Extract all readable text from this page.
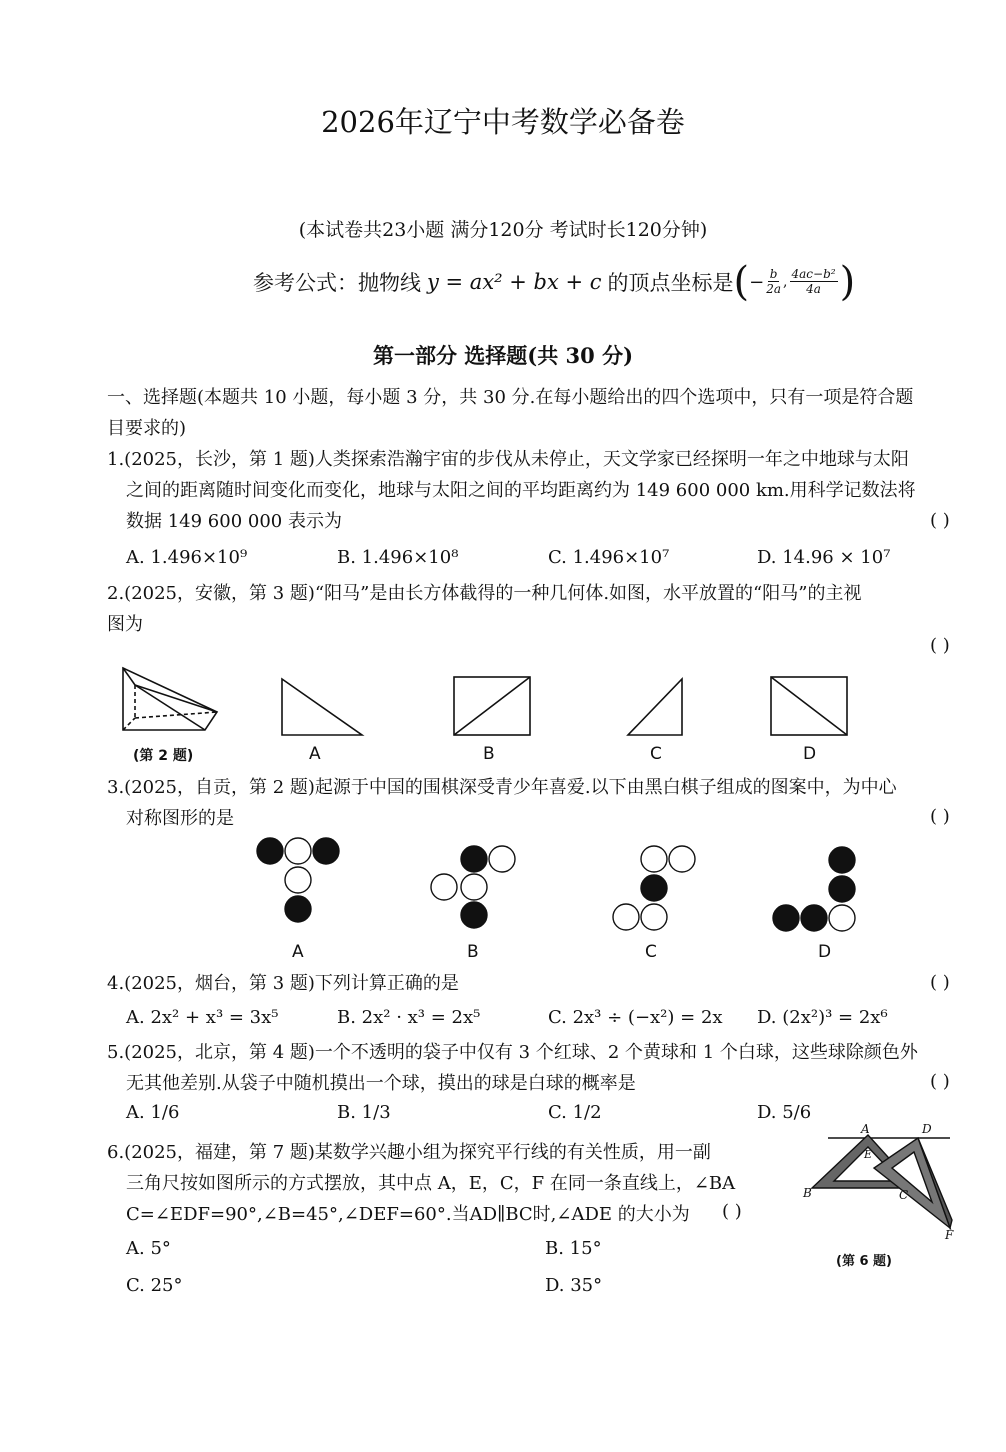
2026年辽宁中考数学必备卷
(本试卷共23小题 满分120分 考试时长120分钟)
参考公式：抛物线 y = ax² + bx + c 的顶点坐标是 ( − $\frac{b}{2a}$ , $\frac{\text{4ac−b²}}{4a}$ )
第一部分 选择题(共 30 分)
一、选择题(本题共 10 小题，每小题 3 分，共 30 分.在每小题给出的四个选项中，只有一项是符合题
目要求的)
1.(2025，长沙，第 1 题)人类探索浩瀚宇宙的步伐从未停止，天文学家已经探明一年之中地球与太阳
之间的距离随时间变化而变化，地球与太阳之间的平均距离约为 149 600 000 km.用科学记数法将
数据 149 600 000 表示为	( )
A. 1.496×10⁹	B. 1.496×10⁸	C. 1.496×10⁷	D. 14.96 × 10⁷
2.(2025，安徽，第 3 题)“阳马”是由长方体截得的一种几何体.如图，水平放置的“阳马”的主视
图为
( )
(第 2 题)	A	B	C	D
3.(2025，自贡，第 2 题)起源于中国的围棋深受青少年喜爱.以下由黑白棋子组成的图案中，为中心
对称图形的是	( )
A	B	C	D
4.(2025，烟台，第 3 题)下列计算正确的是	( )
A. 2x² + x³ = 3x⁵	B. 2x² · x³ = 2x⁵	C. 2x³ ÷ (−x²) = 2x D. (2x²)³ = 2x⁶
5.(2025，北京，第 4 题)一个不透明的袋子中仅有 3 个红球、2 个黄球和 1 个白球，这些球除颜色外
无其他差别.从袋子中随机摸出一个球，摸出的球是白球的概率是	( )
A. 1/6	B. 1/3	C. 1/2	D. 5/6
6.(2025，福建，第 7 题)某数学兴趣小组为探究平行线的有关性质，用一副
三角尺按如图所示的方式摆放，其中点 A，E，C，F 在同一条直线上，∠BA
C=∠EDF=90°,∠B=45°,∠DEF=60°.当AD∥BC时,∠ADE 的大小为 ( )
A	D
E
B	C
F
(第 6 题)
A. 5°	B. 15°
C. 25°	D. 35°
